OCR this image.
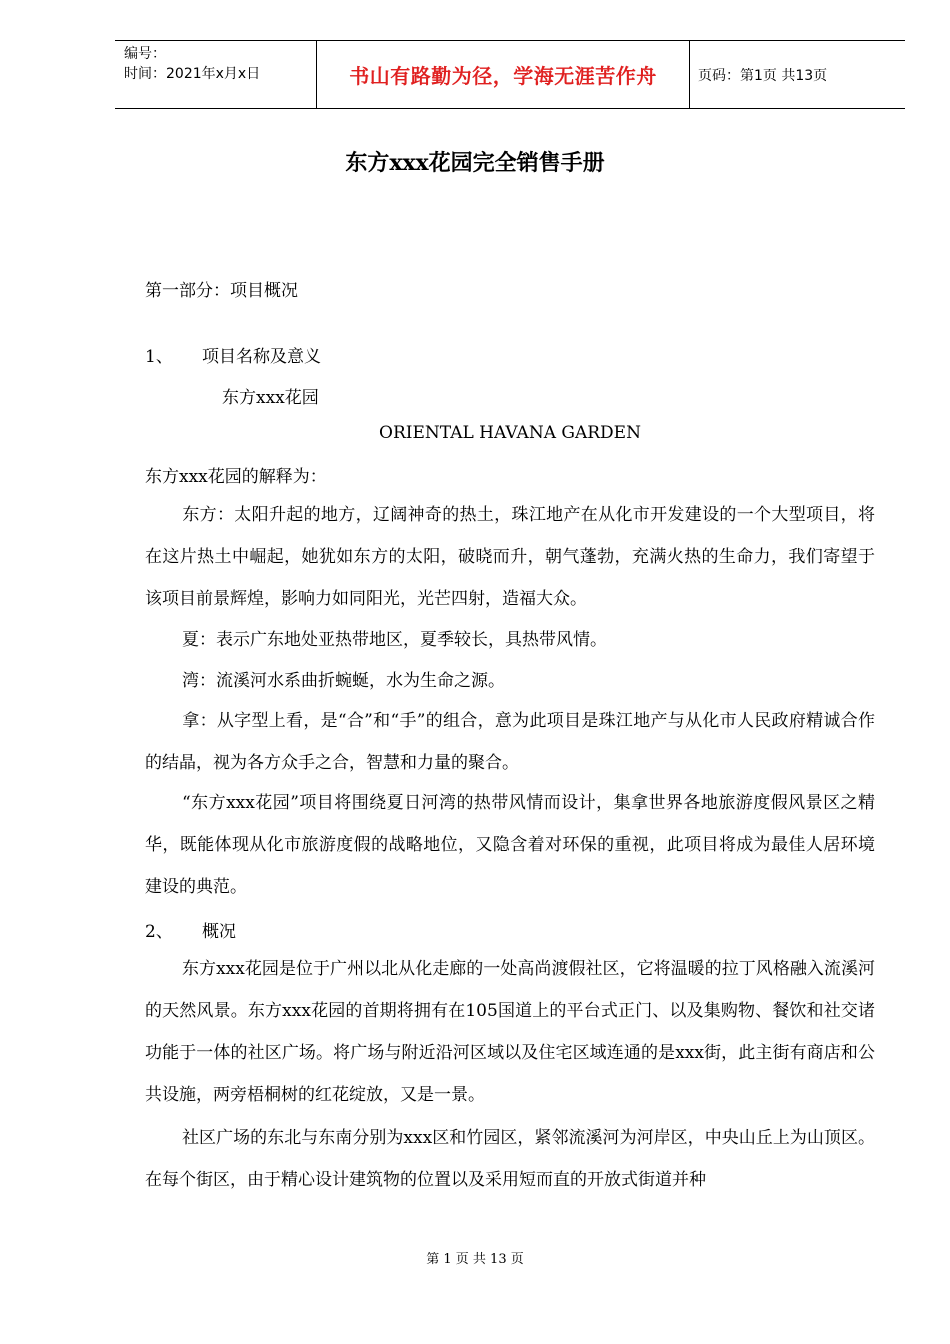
编号：
时间：2021年x月x日	书山有路勤为径，学海无涯苦作舟	页码：第1页 共13页
东方xxx花园完全销售手册
第一部分：项目概况
1、 项目名称及意义
东方xxx花园
ORIENTAL HAVANA GARDEN
东方xxx花园的解释为：
东方：太阳升起的地方，辽阔神奇的热土，珠江地产在从化市开发建设的一个大型项目，将在这片热土中崛起，她犹如东方的太阳，破晓而升，朝气蓬勃，充满火热的生命力，我们寄望于该项目前景辉煌，影响力如同阳光，光芒四射，造福大众。
夏：表示广东地处亚热带地区，夏季较长，具热带风情。
湾：流溪河水系曲折蜿蜒，水为生命之源。
拿：从字型上看，是“合”和“手”的组合，意为此项目是珠江地产与从化市人民政府精诚合作的结晶，视为各方众手之合，智慧和力量的聚合。
“东方xxx花园”项目将围绕夏日河湾的热带风情而设计，集拿世界各地旅游度假风景区之精华，既能体现从化市旅游度假的战略地位，又隐含着对环保的重视，此项目将成为最佳人居环境建设的典范。
2、 概况
东方xxx花园是位于广州以北从化走廊的一处高尚渡假社区，它将温暖的拉丁风格融入流溪河的天然风景。东方xxx花园的首期将拥有在105国道上的平台式正门、以及集购物、餐饮和社交诸功能于一体的社区广场。将广场与附近沿河区域以及住宅区域连通的是xxx街，此主街有商店和公共设施，两旁梧桐树的红花绽放，又是一景。
社区广场的东北与东南分别为xxx区和竹园区，紧邻流溪河为河岸区，中央山丘上为山顶区。在每个街区，由于精心设计建筑物的位置以及采用短而直的开放式街道并种
第 1 页 共 13 页
